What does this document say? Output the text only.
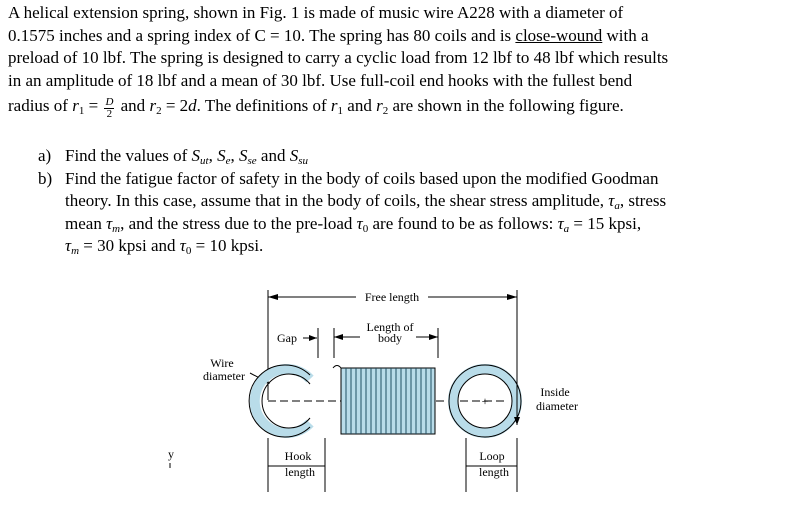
A helical extension spring, shown in Fig. 1 is made of music wire A228 with a diameter of

0.1575 inches and a spring index of C = 10. The spring has 80 coils and is close-wound with a

preload of 10 lbf. The spring is designed to carry a cyclic load from 12 lbf to 48 lbf which results

in an amplitude of 18 lbf and a mean of 30 lbf. Use full-coil end hooks with the fullest bend

radius of $r_1 = \frac{D}{2}$ and $r_2 = 2d$. The definitions of $r_1$ and $r_2$ are shown in the following figure.

a) Find the values of $S_{ut}$, $S_e$, $S_{se}$ and $S_{su}$
b) Find the fatigue factor of safety in the body of coils based upon the modified Goodman
theory. In this case, assume that in the body of coils, the shear stress amplitude, $\tau_a$, stress
mean $\tau_m$, and the stress due to the pre-load $\tau_0$ are found to be as follows: $\tau_a = 15$ kpsi,
$\tau_m = 30$ kpsi and $\tau_0 = 10$ kpsi.
Free length
Length of
body
Gap
Wire
diameter
+
Inside
diameter
Hook
length
Loop
length
y
